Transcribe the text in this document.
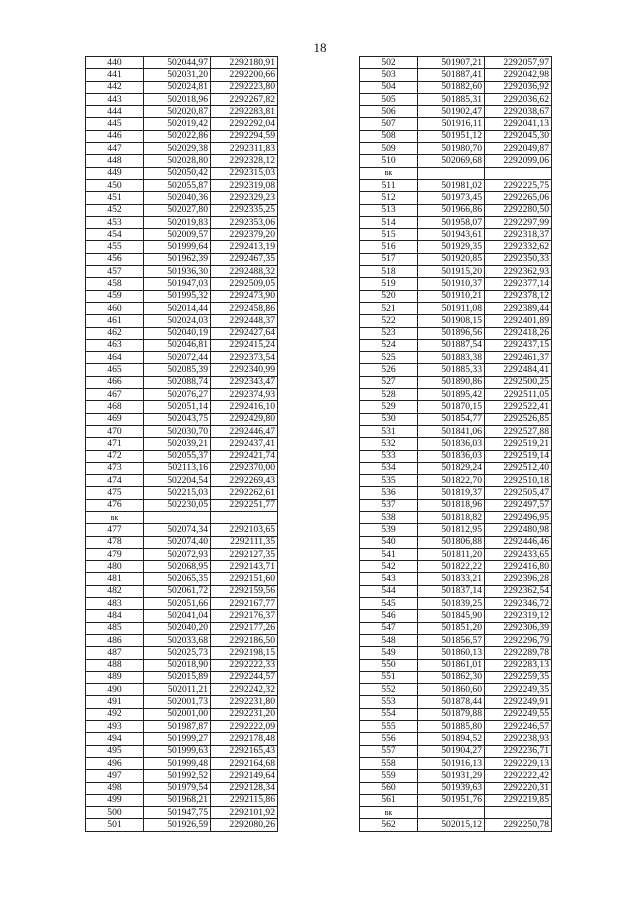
18
440	502044,97	2292180,91
441	502031,20	2292200,66
442	502024,81	2292223,80
443	502018,96	2292267,82
444	502020,87	2292283,81
445	502019,42	2292292,04
446	502022,86	2292294,59
447	502029,38	2292311,83
448	502028,80	2292328,12
449	502050,42	2292315,03
450	502055,87	2292319,08
451	502040,36	2292329,23
452	502027,80	2292335,25
453	502019,83	2292353,06
454	502009,57	2292379,20
455	501999,64	2292413,19
456	501962,39	2292467,35
457	501936,30	2292488,32
458	501947,03	2292509,05
459	501995,32	2292473,90
460	502014,44	2292458,86
461	502024,03	2292448,37
462	502040,19	2292427,64
463	502046,81	2292415,24
464	502072,44	2292373,54
465	502085,39	2292340,99
466	502088,74	2292343,47
467	502076,27	2292374,93
468	502051,14	2292416,10
469	502043,75	2292429,80
470	502030,70	2292446,47
471	502039,21	2292437,41
472	502055,37	2292421,74
473	502113,16	2292370,00
474	502204,54	2292269,43
475	502215,03	2292262,61
476	502230,05	2292251,77
вк		
477	502074,34	2292103,65
478	502074,40	2292111,35
479	502072,93	2292127,35
480	502068,95	2292143,71
481	502065,35	2292151,60
482	502061,72	2292159,56
483	502051,66	2292167,77
484	502041,04	2292176,37
485	502040,20	2292177,26
486	502033,68	2292186,50
487	502025,73	2292198,15
488	502018,90	2292222,33
489	502015,89	2292244,57
490	502011,21	2292242,32
491	502001,73	2292231,80
492	502001,00	2292231,20
493	501987,87	2292222,09
494	501999,27	2292178,48
495	501999,63	2292165,43
496	501999,48	2292164,68
497	501992,52	2292149,64
498	501979,54	2292128,34
499	501968,21	2292115,86
500	501947,75	2292101,92
501	501926,59	2292080,26
502	501907,21	2292057,97
503	501887,41	2292042,98
504	501882,60	2292036,92
505	501885,31	2292036,62
506	501902,47	2292038,67
507	501916,11	2292041,13
508	501951,12	2292045,30
509	501980,70	2292049,87
510	502069,68	2292099,06
вк		
511	501981,02	2292225,75
512	501973,45	2292265,06
513	501966,86	2292280,50
514	501958,07	2292297,99
515	501943,61	2292318,37
516	501929,35	2292332,62
517	501920,85	2292350,33
518	501915,20	2292362,93
519	501910,37	2292377,14
520	501910,21	2292378,12
521	501911,08	2292389,44
522	501908,15	2292401,89
523	501896,56	2292418,26
524	501887,54	2292437,15
525	501883,38	2292461,37
526	501885,33	2292484,41
527	501890,86	2292500,25
528	501895,42	2292511,05
529	501870,15	2292522,41
530	501854,77	2292526,85
531	501841,06	2292527,88
532	501836,03	2292519,21
533	501836,03	2292519,14
534	501829,24	2292512,40
535	501822,70	2292510,18
536	501819,37	2292505,47
537	501818,96	2292497,57
538	501818,82	2292496,95
539	501812,95	2292480,98
540	501806,88	2292446,46
541	501811,20	2292433,65
542	501822,22	2292416,80
543	501833,21	2292396,28
544	501837,14	2292362,54
545	501839,25	2292346,72
546	501845,90	2292319,12
547	501851,20	2292306,39
548	501856,57	2292296,79
549	501860,13	2292289,78
550	501861,01	2292283,13
551	501862,30	2292259,35
552	501860,60	2292249,35
553	501878,44	2292249,91
554	501879,88	2292249,55
555	501885,80	2292246,57
556	501894,52	2292238,93
557	501904,27	2292236,71
558	501916,13	2292229,13
559	501931,29	2292222,42
560	501939,63	2292220,31
561	501951,76	2292219,85
вк		
562	502015,12	2292250,78
